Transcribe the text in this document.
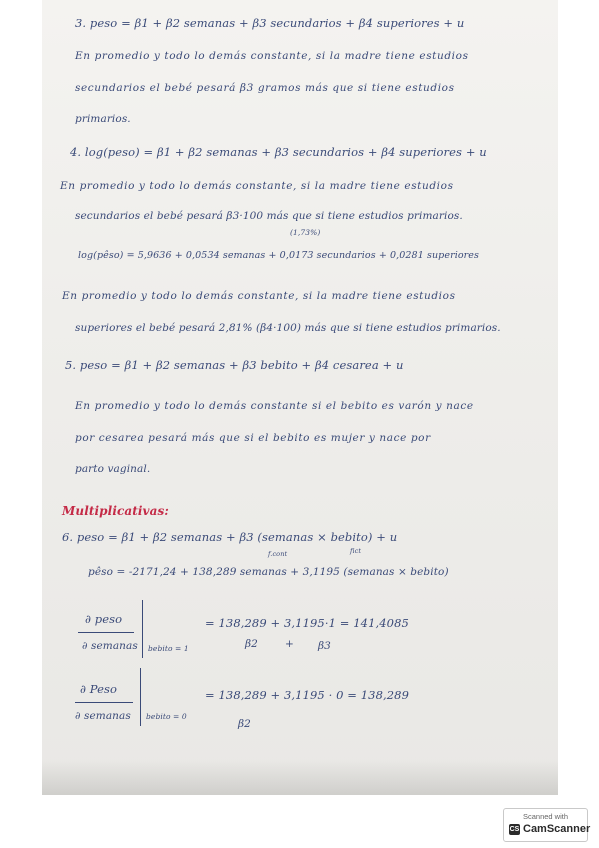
3. peso = β1 + β2 semanas + β3 secundarios + β4 superiores + u
En promedio y todo lo demás constante, si la madre tiene estudios
secundarios el bebé pesará β3 gramos más que si tiene estudios
primarios.
4. log(peso) = β1 + β2 semanas + β3 secundarios + β4 superiores + u
En promedio y todo lo demás constante, si la madre tiene estudios
secundarios el bebé pesará β3·100 más que si tiene estudios primarios.
(1,73%)
log(pêso) = 5,9636 + 0,0534 semanas + 0,0173 secundarios + 0,0281 superiores
En promedio y todo lo demás constante, si la madre tiene estudios
superiores el bebé pesará 2,81% (β4·100) más que si tiene estudios primarios.
5. peso = β1 + β2 semanas + β3 bebito + β4 cesarea + u
En promedio y todo lo demás constante si el bebito es varón y nace
por cesarea pesará más que si el bebito es mujer y nace por
parto vaginal.
Multiplicativas:
6. peso = β1 + β2 semanas + β3 (semanas × bebito) + u
f.cont	fict
pêso = -2171,24 + 138,289 semanas + 3,1195 (semanas × bebito)
∂ peso
∂ semanas bebito = 1
= 138,289 + 3,1195·1 = 141,4085
β2	+ β3
∂ Peso
∂ semanas bebito = 0
= 138,289 + 3,1195 · 0 = 138,289
β2
Scanned with
CS CamScanner
